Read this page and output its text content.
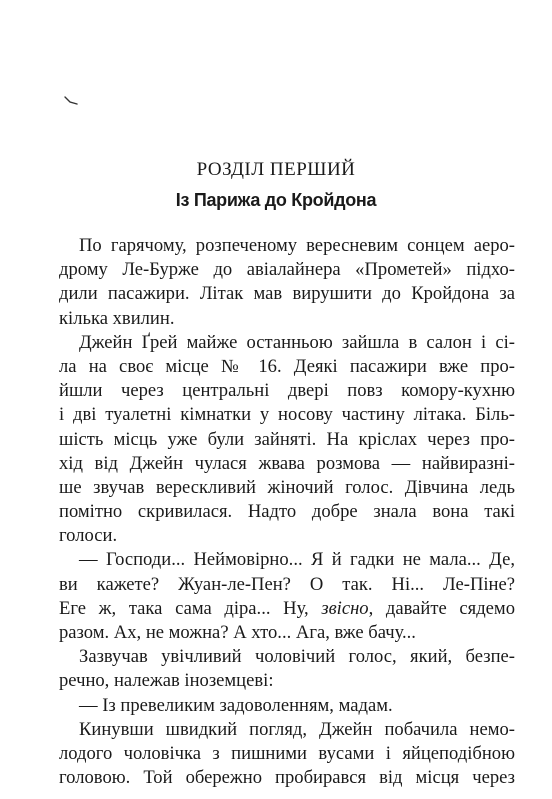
РОЗДІЛ ПЕРШИЙ
Із Парижа до Кройдона
По гарячому, розпеченому вересневим сонцем аеро-
дрому Ле-Бурже до авіалайнера «Прометей» підхо-
дили пасажири. Літак мав вирушити до Кройдона за
кілька хвилин.
Джейн Ґрей майже останньою зайшла в салон і сі-
ла на своє місце № 16. Деякі пасажири вже про-
йшли через центральні двері повз комору-кухню
і дві туалетні кімнатки у носову частину літака. Біль-
шість місць уже були зайняті. На кріслах через про-
хід від Джейн чулася жвава розмова — найвиразні-
ше звучав верескливий жіночий голос. Дівчина ледь
помітно скривилася. Надто добре знала вона такі
голоси.
— Господи... Неймовірно... Я й гадки не мала... Де,
ви кажете? Жуан-ле-Пен? О так. Ні... Ле-Піне?
Еге ж, така сама діра... Ну, звісно, давайте сядемо
разом. Ах, не можна? А хто... Ага, вже бачу...
Зазвучав увічливий чоловічий голос, який, безпе-
речно, належав іноземцеві:
— Із превеликим задоволенням, мадам.
Кинувши швидкий погляд, Джейн побачила немо-
лодого чоловічка з пишними вусами і яйцеподібною
головою. Той обережно пробирався від місця через
